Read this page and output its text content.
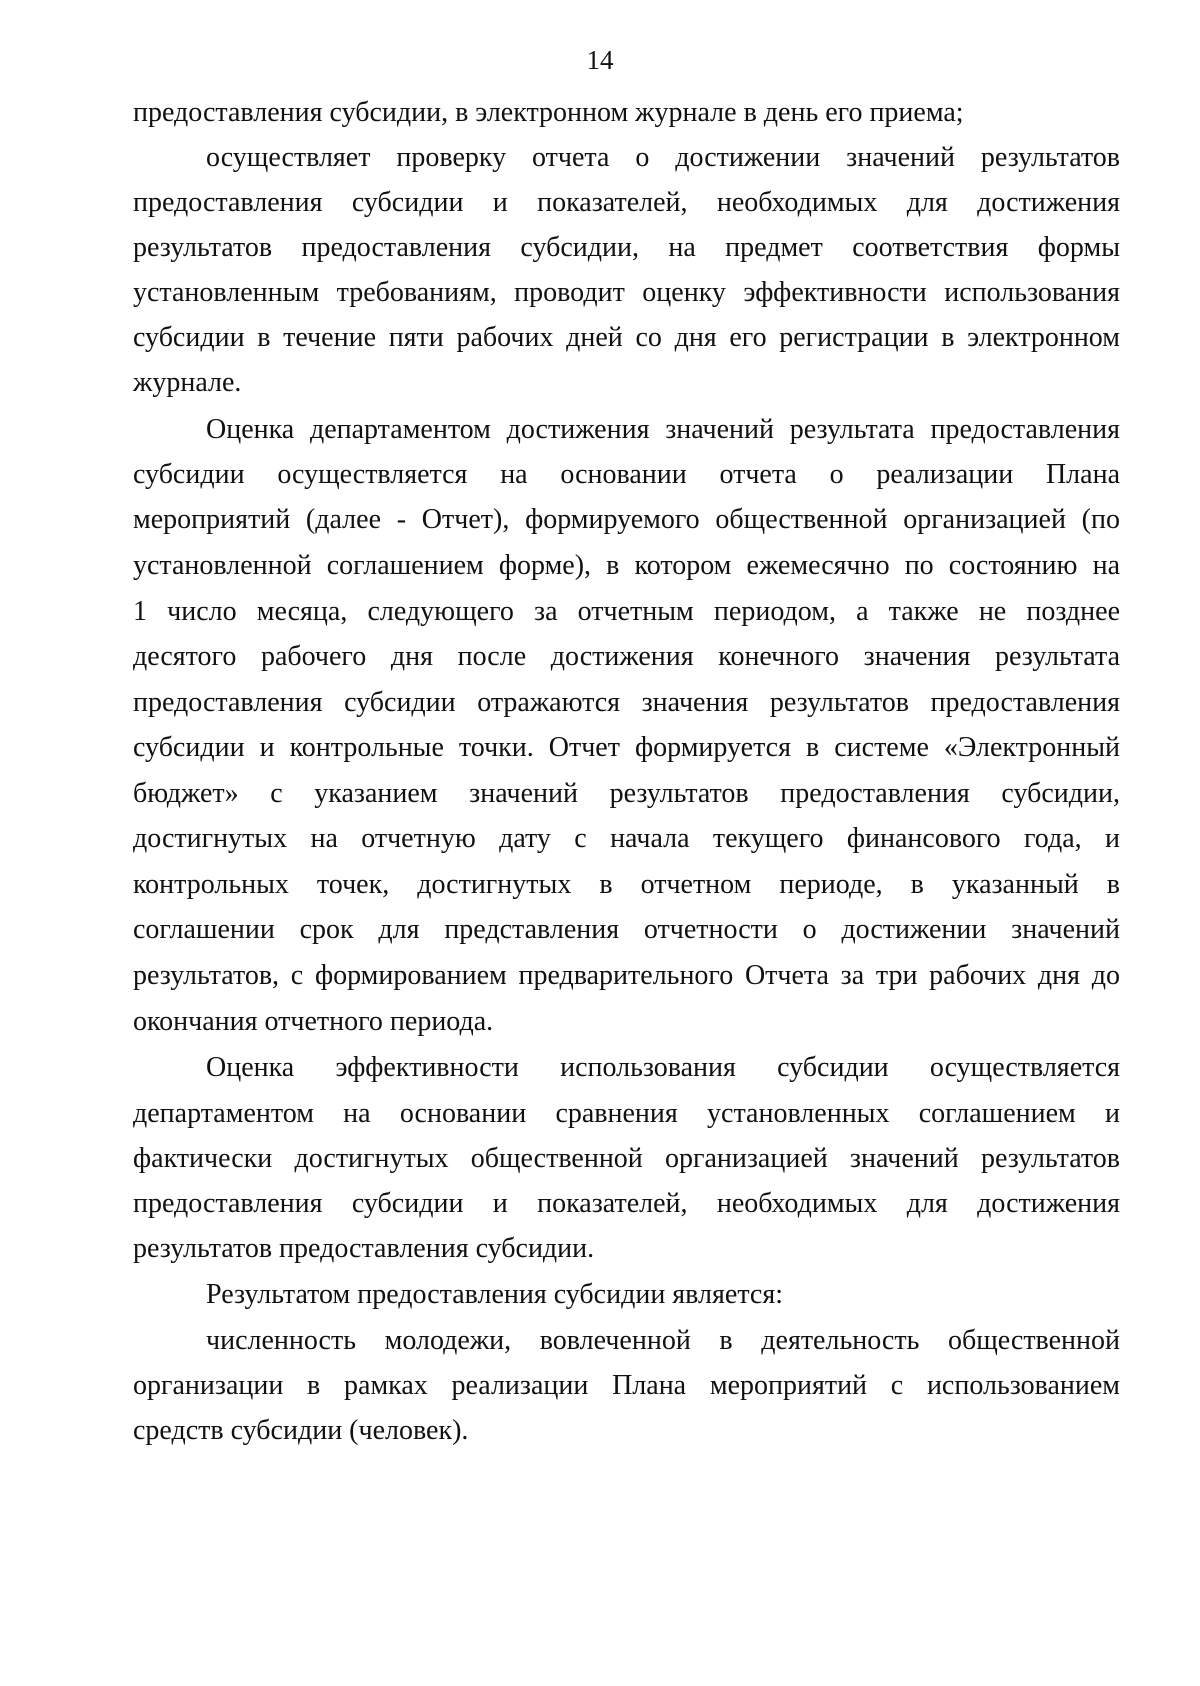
14
предоставления субсидии, в электронном журнале в день его приема;
осуществляет проверку отчета о достижении значений результатов
предоставления субсидии и показателей, необходимых для достижения
результатов предоставления субсидии, на предмет соответствия формы
установленным требованиям, проводит оценку эффективности использования
субсидии в течение пяти рабочих дней со дня его регистрации в электронном
журнале.
Оценка департаментом достижения значений результата предоставления
субсидии осуществляется на основании отчета о реализации Плана
мероприятий (далее - Отчет), формируемого общественной организацией (по
установленной соглашением форме), в котором ежемесячно по состоянию на
1 число месяца, следующего за отчетным периодом, а также не позднее
десятого рабочего дня после достижения конечного значения результата
предоставления субсидии отражаются значения результатов предоставления
субсидии и контрольные точки. Отчет формируется в системе «Электронный
бюджет» с указанием значений результатов предоставления субсидии,
достигнутых на отчетную дату с начала текущего финансового года, и
контрольных точек, достигнутых в отчетном периоде, в указанный в
соглашении срок для представления отчетности о достижении значений
результатов, с формированием предварительного Отчета за три рабочих дня до
окончания отчетного периода.
Оценка эффективности использования субсидии осуществляется
департаментом на основании сравнения установленных соглашением и
фактически достигнутых общественной организацией значений результатов
предоставления субсидии и показателей, необходимых для достижения
результатов предоставления субсидии.
Результатом предоставления субсидии является:
численность молодежи, вовлеченной в деятельность общественной
организации в рамках реализации Плана мероприятий с использованием
средств субсидии (человек).
